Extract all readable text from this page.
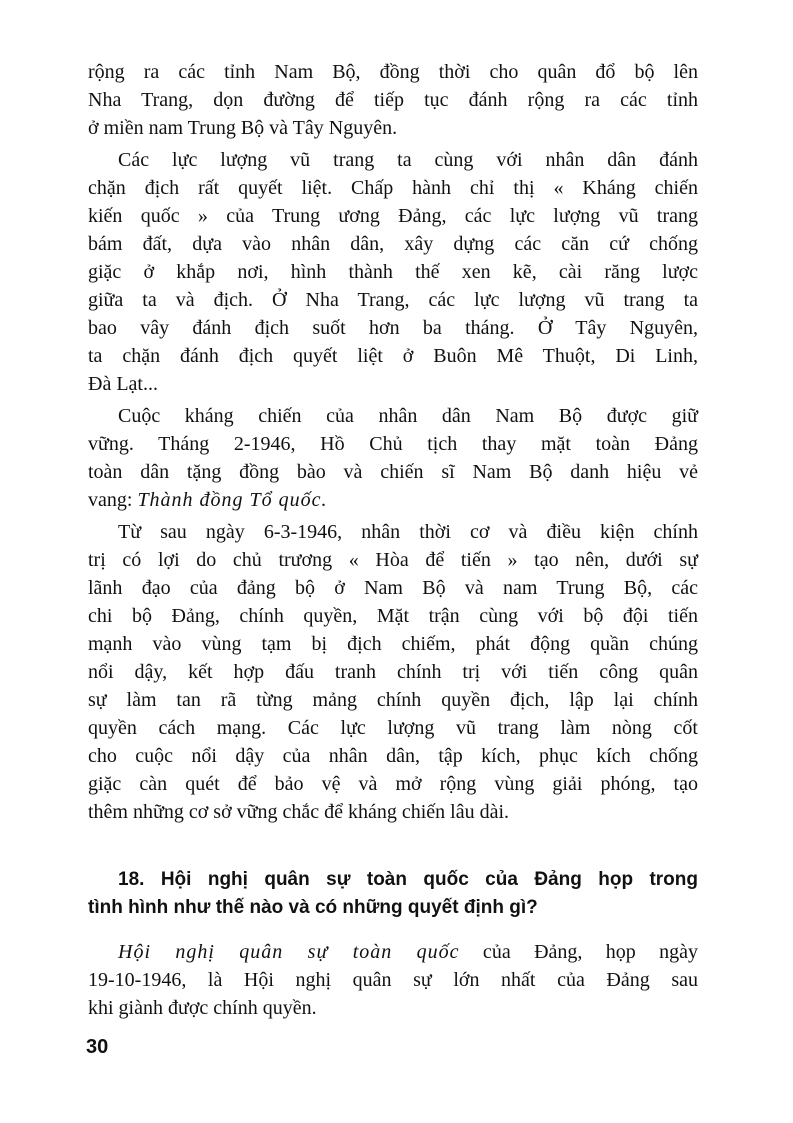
rộng ra các tỉnh Nam Bộ, đồng thời cho quân đổ bộ lên
Nha Trang, dọn đường để tiếp tục đánh rộng ra các tỉnh
ở miền nam Trung Bộ và Tây Nguyên.
Các lực lượng vũ trang ta cùng với nhân dân đánh
chặn địch rất quyết liệt. Chấp hành chỉ thị « Kháng chiến
kiến quốc » của Trung ương Đảng, các lực lượng vũ trang
bám đất, dựa vào nhân dân, xây dựng các căn cứ chống
giặc ở khắp nơi, hình thành thế xen kẽ, cài răng lược
giữa ta và địch. Ở Nha Trang, các lực lượng vũ trang ta
bao vây đánh địch suốt hơn ba tháng. Ở Tây Nguyên,
ta chặn đánh địch quyết liệt ở Buôn Mê Thuột, Di Linh,
Đà Lạt...
Cuộc kháng chiến của nhân dân Nam Bộ được giữ
vững. Tháng 2-1946, Hồ Chủ tịch thay mặt toàn Đảng
toàn dân tặng đồng bào và chiến sĩ Nam Bộ danh hiệu vẻ
vang: Thành đồng Tổ quốc.
Từ sau ngày 6-3-1946, nhân thời cơ và điều kiện chính
trị có lợi do chủ trương « Hòa để tiến » tạo nên, dưới sự
lãnh đạo của đảng bộ ở Nam Bộ và nam Trung Bộ, các
chi bộ Đảng, chính quyền, Mặt trận cùng với bộ đội tiến
mạnh vào vùng tạm bị địch chiếm, phát động quần chúng
nổi dậy, kết hợp đấu tranh chính trị với tiến công quân
sự làm tan rã từng mảng chính quyền địch, lập lại chính
quyền cách mạng. Các lực lượng vũ trang làm nòng cốt
cho cuộc nổi dậy của nhân dân, tập kích, phục kích chống
giặc càn quét để bảo vệ và mở rộng vùng giải phóng, tạo
thêm những cơ sở vững chắc để kháng chiến lâu dài.
18. Hội nghị quân sự toàn quốc của Đảng họp trong
tình hình như thế nào và có những quyết định gì?
Hội nghị quân sự toàn quốc của Đảng, họp ngày
19-10-1946, là Hội nghị quân sự lớn nhất của Đảng sau
khi giành được chính quyền.
30
